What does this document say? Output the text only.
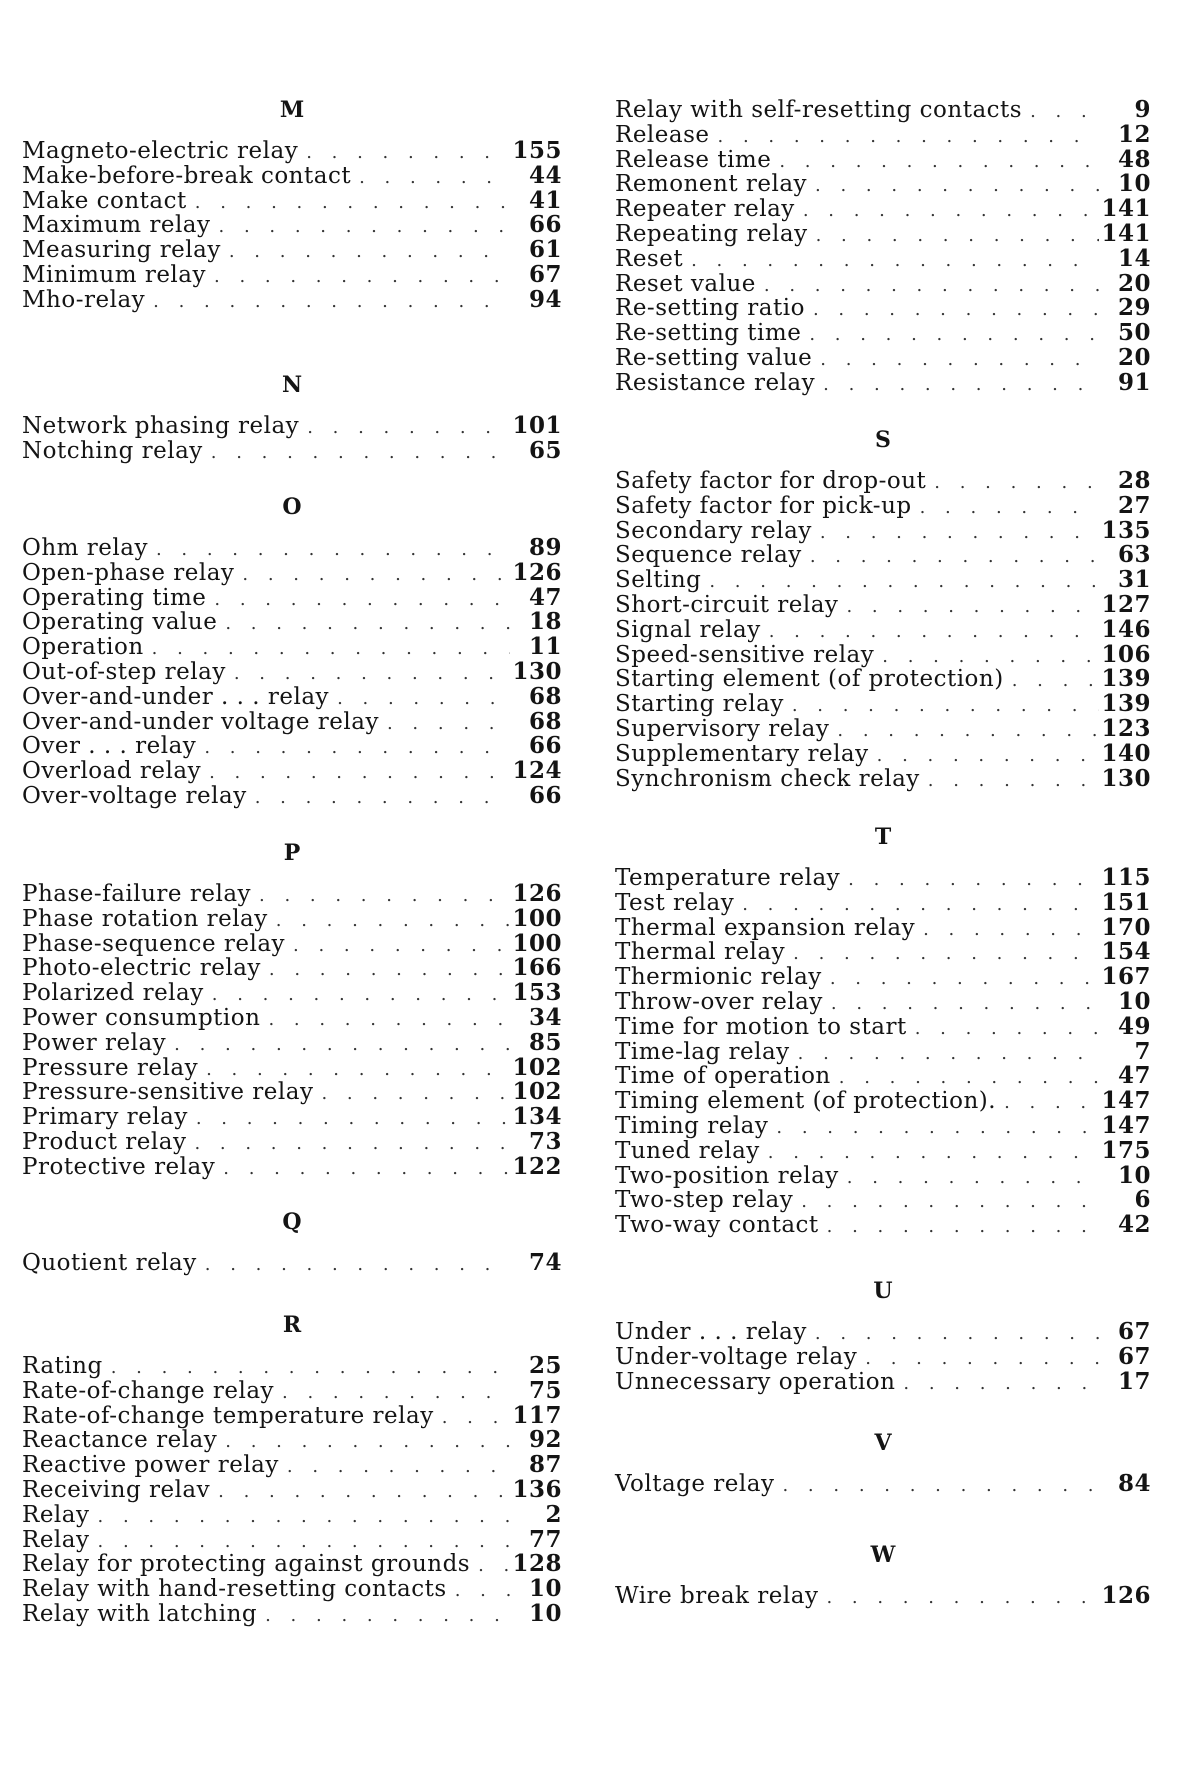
M
Magneto-electric relay
. . .	155
Make-before-break contact
. . .	44
Make contact
. . .	41
Maximum relay
. . .	66
Measuring relay
. . .	61
Minimum relay
. . .	67
Mho-relay
. . .	94
N
Network phasing relay
. . .	101
Notching relay
. . .	65
O
Ohm relay
. . .	89
Open-phase relay
. . .	126
Operating time
. . .	47
Operating value
. . .	18
Operation
. . .	11
Out-of-step relay
. . .	130
Over-and-under . . . relay
. . .	68
Over-and-under voltage relay
. . .	68
Over . . . relay
. . .	66
Overload relay
. . .	124
Over-voltage relay
. . .	66
P
Phase-failure relay
. . .	126
Phase rotation relay
. . .	100
Phase-sequence relay
. . .	100
Photo-electric relay
. . .	166
Polarized relay
. . .	153
Power consumption
. . .	34
Power relay
. . .	85
Pressure relay
. . .	102
Pressure-sensitive relay
. . .	102
Primary relay
. . .	134
Product relay
. . .	73
Protective relay
. . .	122
Q
Quotient relay
. . .	74
R
Rating
. . .	25
Rate-of-change relay
. . .	75
Rate-of-change temperature relay
. . .	117
Reactance relay
. . .	92
Reactive power relay
. . .	87
Receiving relav
. . .	136
Relay
. . .	2
Relay
. . .	77
Relay for protecting against grounds
. . .	128
Relay with hand-resetting contacts
. . .	10
Relay with latching
. . .	10
Relay with self-resetting contacts
. . .	9
Release
. . .	12
Release time
. . .	48
Remonent relay
. . .	10
Repeater relay
. . .	141
Repeating relay
. . .	141
Reset
. . .	14
Reset value
. . .	20
Re-setting ratio
. . .	29
Re-setting time
. . .	50
Re-setting value
. . .	20
Resistance relay
. . .	91
S
Safety factor for drop-out
. . .	28
Safety factor for pick-up
. . .	27
Secondary relay
. . .	135
Sequence relay
. . .	63
Selting
. . .	31
Short-circuit relay
. . .	127
Signal relay
. . .	146
Speed-sensitive relay
. . .	106
Starting element (of protection)
. . .	139
Starting relay
. . .	139
Supervisory relay
. . .	123
Supplementary relay
. . .	140
Synchronism check relay
. . .	130
T
Temperature relay
. . .	115
Test relay
. . .	151
Thermal expansion relay
. . .	170
Thermal relay
. . .	154
Thermionic relay
. . .	167
Throw-over relay
. . .	10
Time for motion to start
. . .	49
Time-lag relay
. . .	7
Time of operation
. . .	47
Timing element (of protection).
. . .	147
Timing relay
. . .	147
Tuned relay
. . .	175
Two-position relay
. . .	10
Two-step relay
. . .	6
Two-way contact
. . .	42
U
Under . . . relay
. . .	67
Under-voltage relay
. . .	67
Unnecessary operation
. . .	17
V
Voltage relay
. . .	84
W
Wire break relay
. . .	126
